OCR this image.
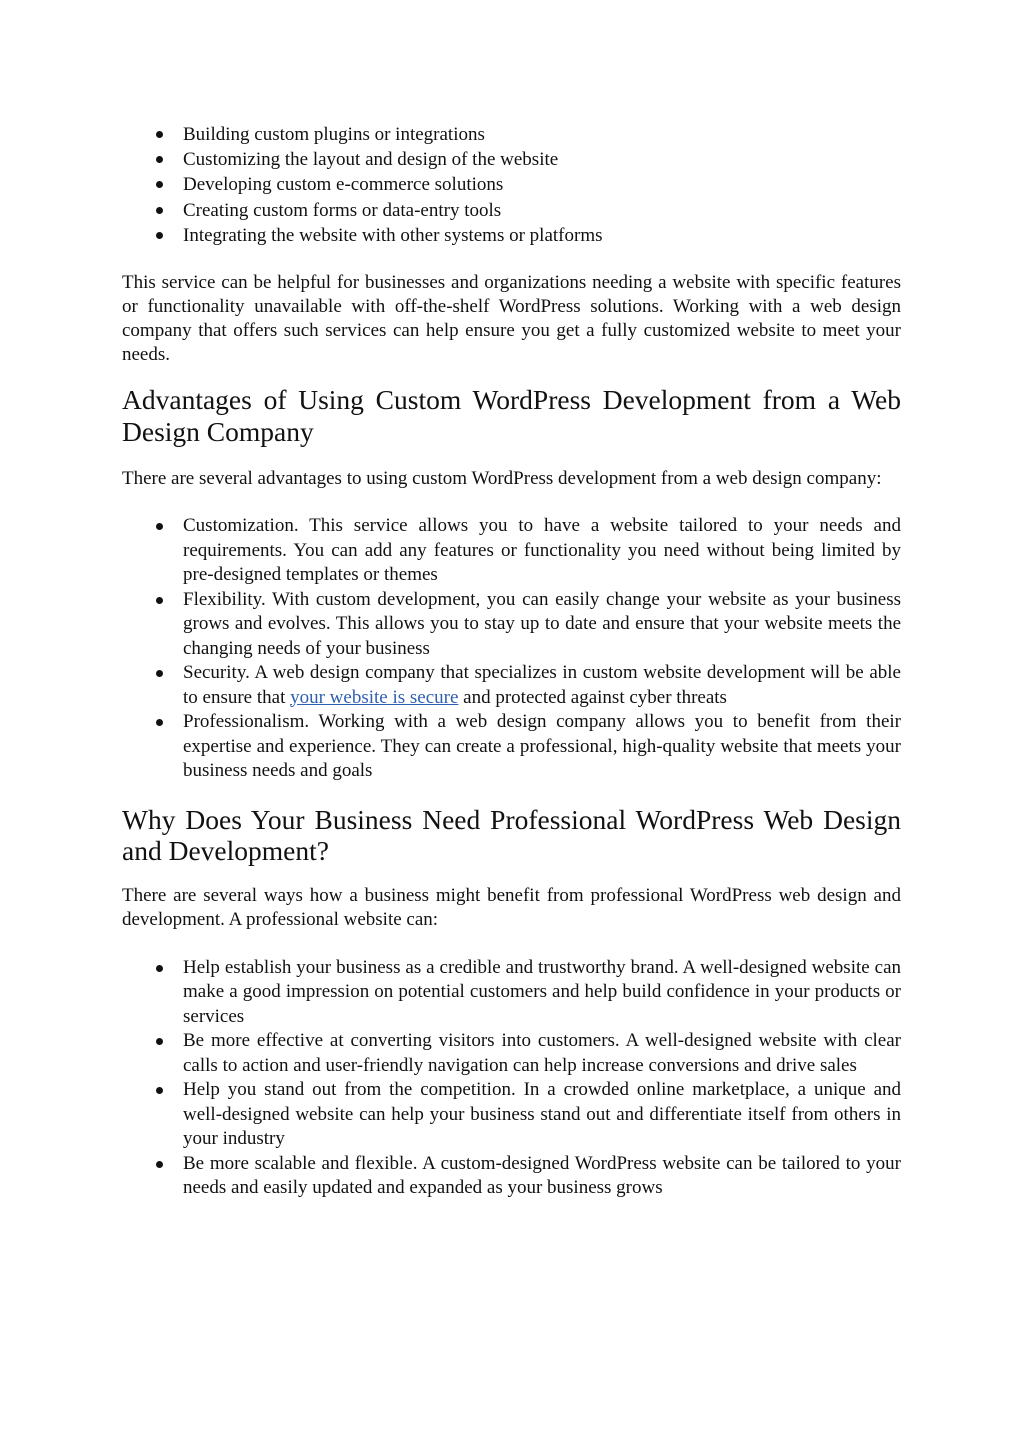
Building custom plugins or integrations
Customizing the layout and design of the website
Developing custom e-commerce solutions
Creating custom forms or data-entry tools
Integrating the website with other systems or platforms

This service can be helpful for businesses and organizations needing a website with specific features or functionality unavailable with off-the-shelf WordPress solutions. Working with a web design company that offers such services can help ensure you get a fully customized website to meet your needs.

Advantages of Using Custom WordPress Development from a Web Design Company

There are several advantages to using custom WordPress development from a web design company:

Customization. This service allows you to have a website tailored to your needs and requirements. You can add any features or functionality you need without being limited by pre-designed templates or themes
Flexibility. With custom development, you can easily change your website as your business grows and evolves. This allows you to stay up to date and ensure that your website meets the changing needs of your business
Security. A web design company that specializes in custom website development will be able to ensure that your website is secure and protected against cyber threats
Professionalism. Working with a web design company allows you to benefit from their expertise and experience. They can create a professional, high-quality website that meets your business needs and goals
Why Does Your Business Need Professional WordPress Web Design and Development?

There are several ways how a business might benefit from professional WordPress web design and development. A professional website can:

Help establish your business as a credible and trustworthy brand. A well-designed website can make a good impression on potential customers and help build confidence in your products or services
Be more effective at converting visitors into customers. A well-designed website with clear calls to action and user-friendly navigation can help increase conversions and drive sales
Help you stand out from the competition. In a crowded online marketplace, a unique and well-designed website can help your business stand out and differentiate itself from others in your industry
Be more scalable and flexible. A custom-designed WordPress website can be tailored to your needs and easily updated and expanded as your business grows
